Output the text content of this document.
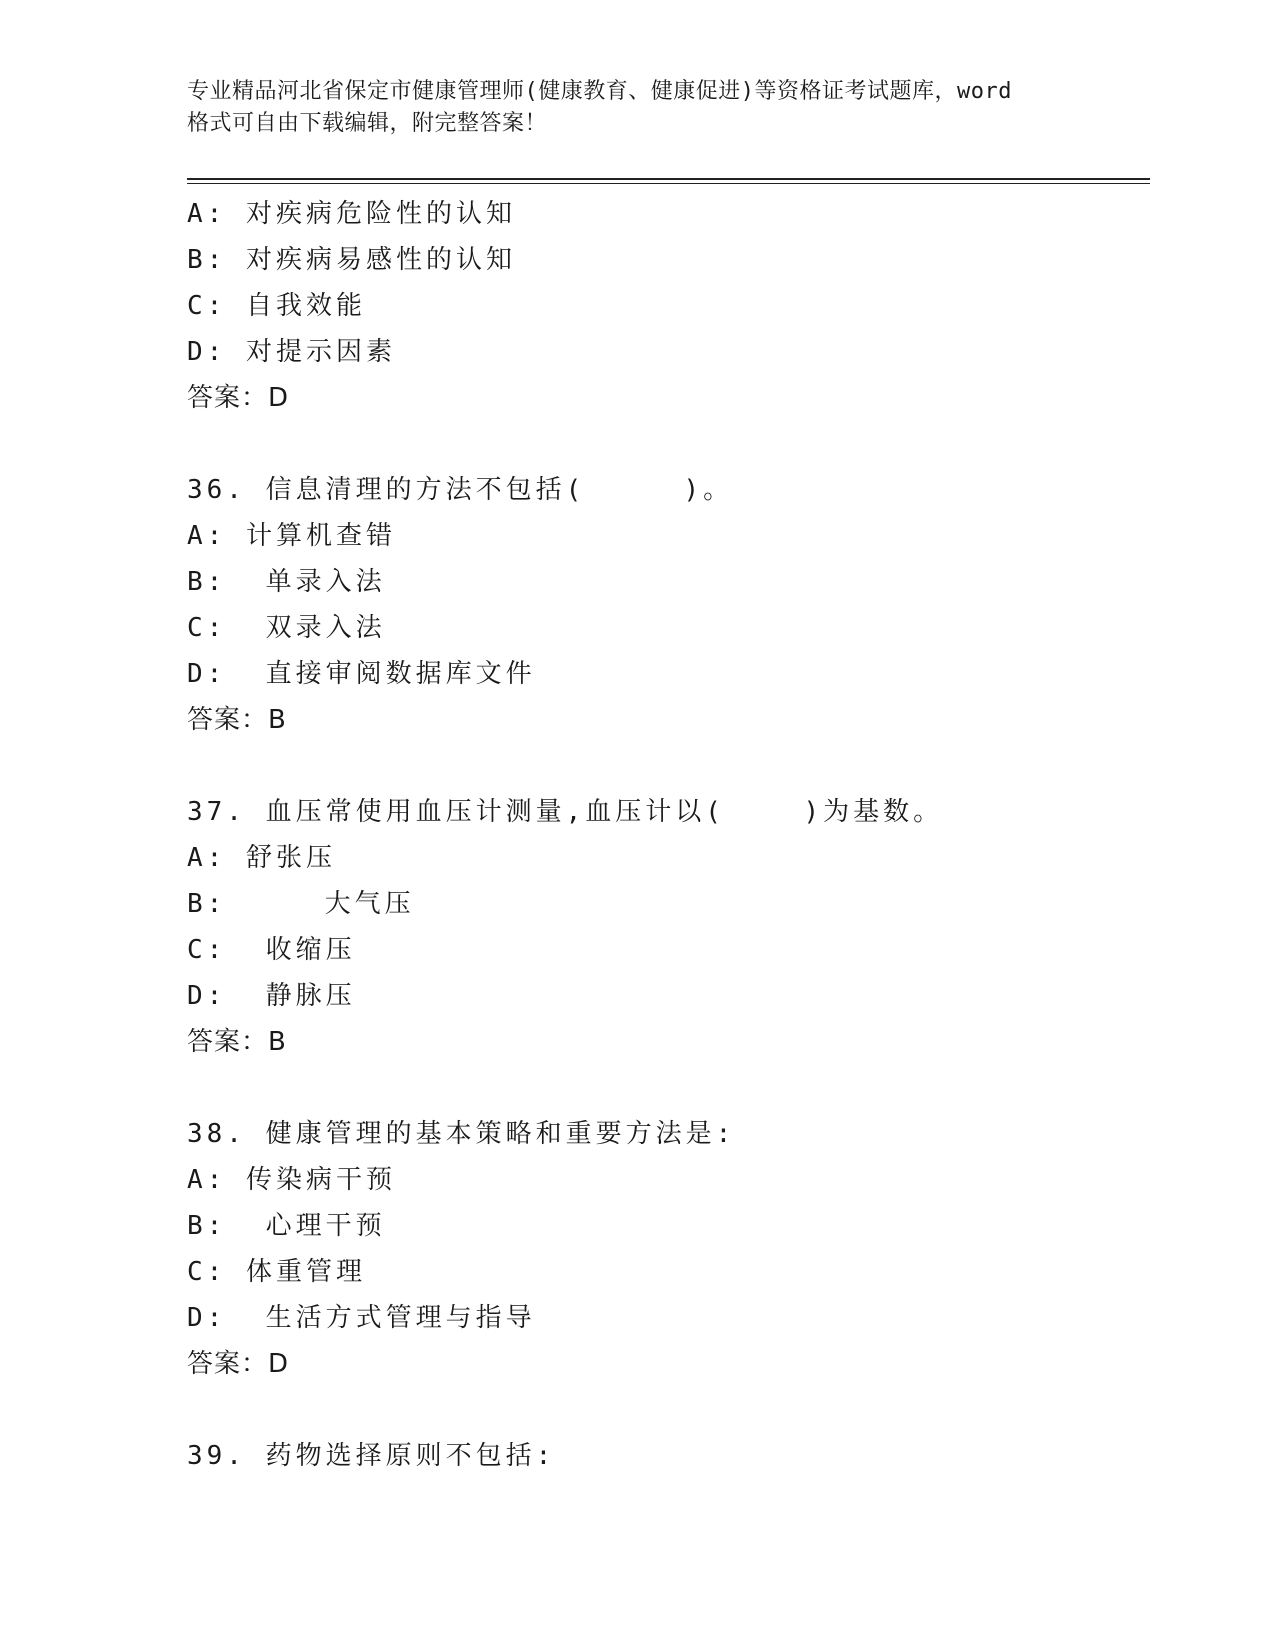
专业精品河北省保定市健康管理师(健康教育、健康促进)等资格证考试题库，word
格式可自由下载编辑，附完整答案！
A: 对疾病危险性的认知
B: 对疾病易感性的认知
C: 自我效能
D: 对提示因素
答案：D
36. 信息清理的方法不包括(     )。
A: 计算机查错
B:  单录入法
C:  双录入法
D:  直接审阅数据库文件
答案：B
37. 血压常使用血压计测量,血压计以(    )为基数。
A: 舒张压
B:     大气压
C:  收缩压
D:  静脉压
答案：B
38. 健康管理的基本策略和重要方法是:
A: 传染病干预
B:  心理干预
C: 体重管理
D:  生活方式管理与指导
答案：D
39. 药物选择原则不包括:
